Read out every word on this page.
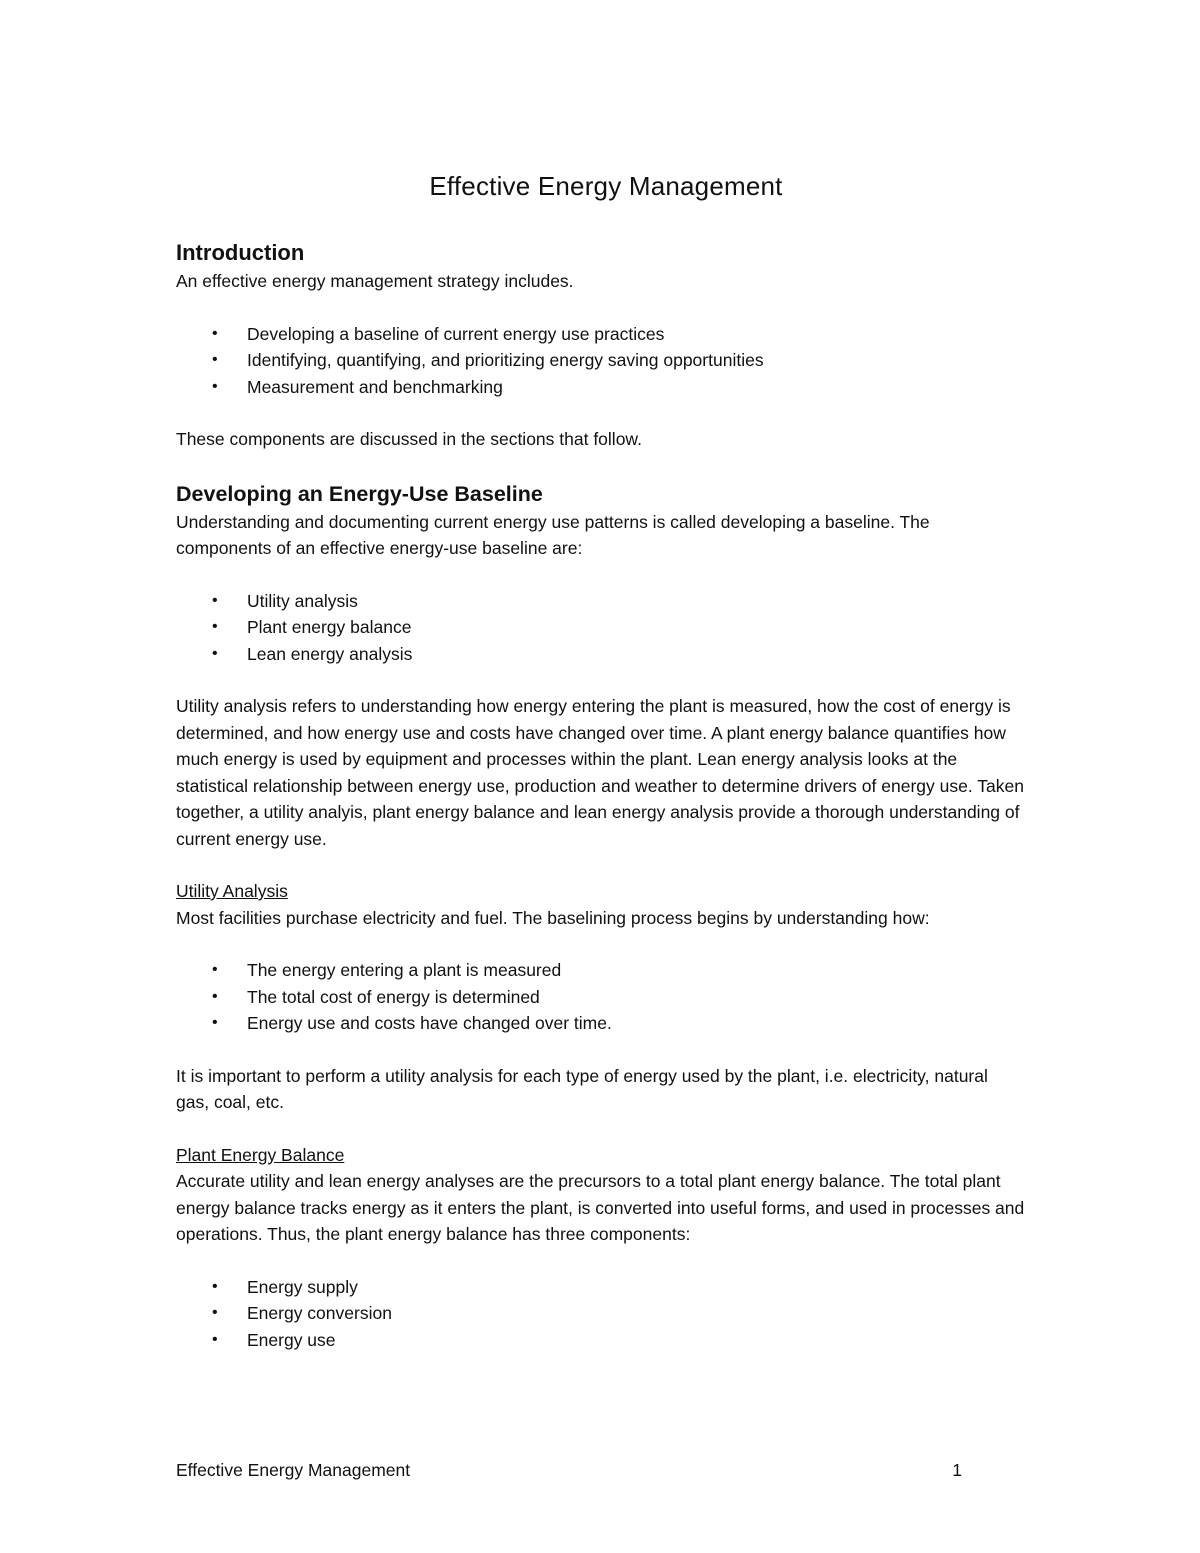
Effective Energy Management
Introduction

An effective energy management strategy includes.

• Developing a baseline of current energy use practices
• Identifying, quantifying, and prioritizing energy saving opportunities
• Measurement and benchmarking

These components are discussed in the sections that follow.

Developing an Energy-Use Baseline

Understanding and documenting current energy use patterns is called developing a baseline. The components of an effective energy-use baseline are:

• Utility analysis
• Plant energy balance
• Lean energy analysis

Utility analysis refers to understanding how energy entering the plant is measured, how the cost of energy is determined, and how energy use and costs have changed over time. A plant energy balance quantifies how much energy is used by equipment and processes within the plant. Lean energy analysis looks at the statistical relationship between energy use, production and weather to determine drivers of energy use. Taken together, a utility analyis, plant energy balance and lean energy analysis provide a thorough understanding of current energy use.

Utility Analysis

Most facilities purchase electricity and fuel. The baselining process begins by understanding how:

• The energy entering a plant is measured
• The total cost of energy is determined
• Energy use and costs have changed over time.

It is important to perform a utility analysis for each type of energy used by the plant, i.e. electricity, natural gas, coal, etc.

Plant Energy Balance

Accurate utility and lean energy analyses are the precursors to a total plant energy balance. The total plant energy balance tracks energy as it enters the plant, is converted into useful forms, and used in processes and operations. Thus, the plant energy balance has three components:

• Energy supply
• Energy conversion
• Energy use
Effective Energy Management	1
